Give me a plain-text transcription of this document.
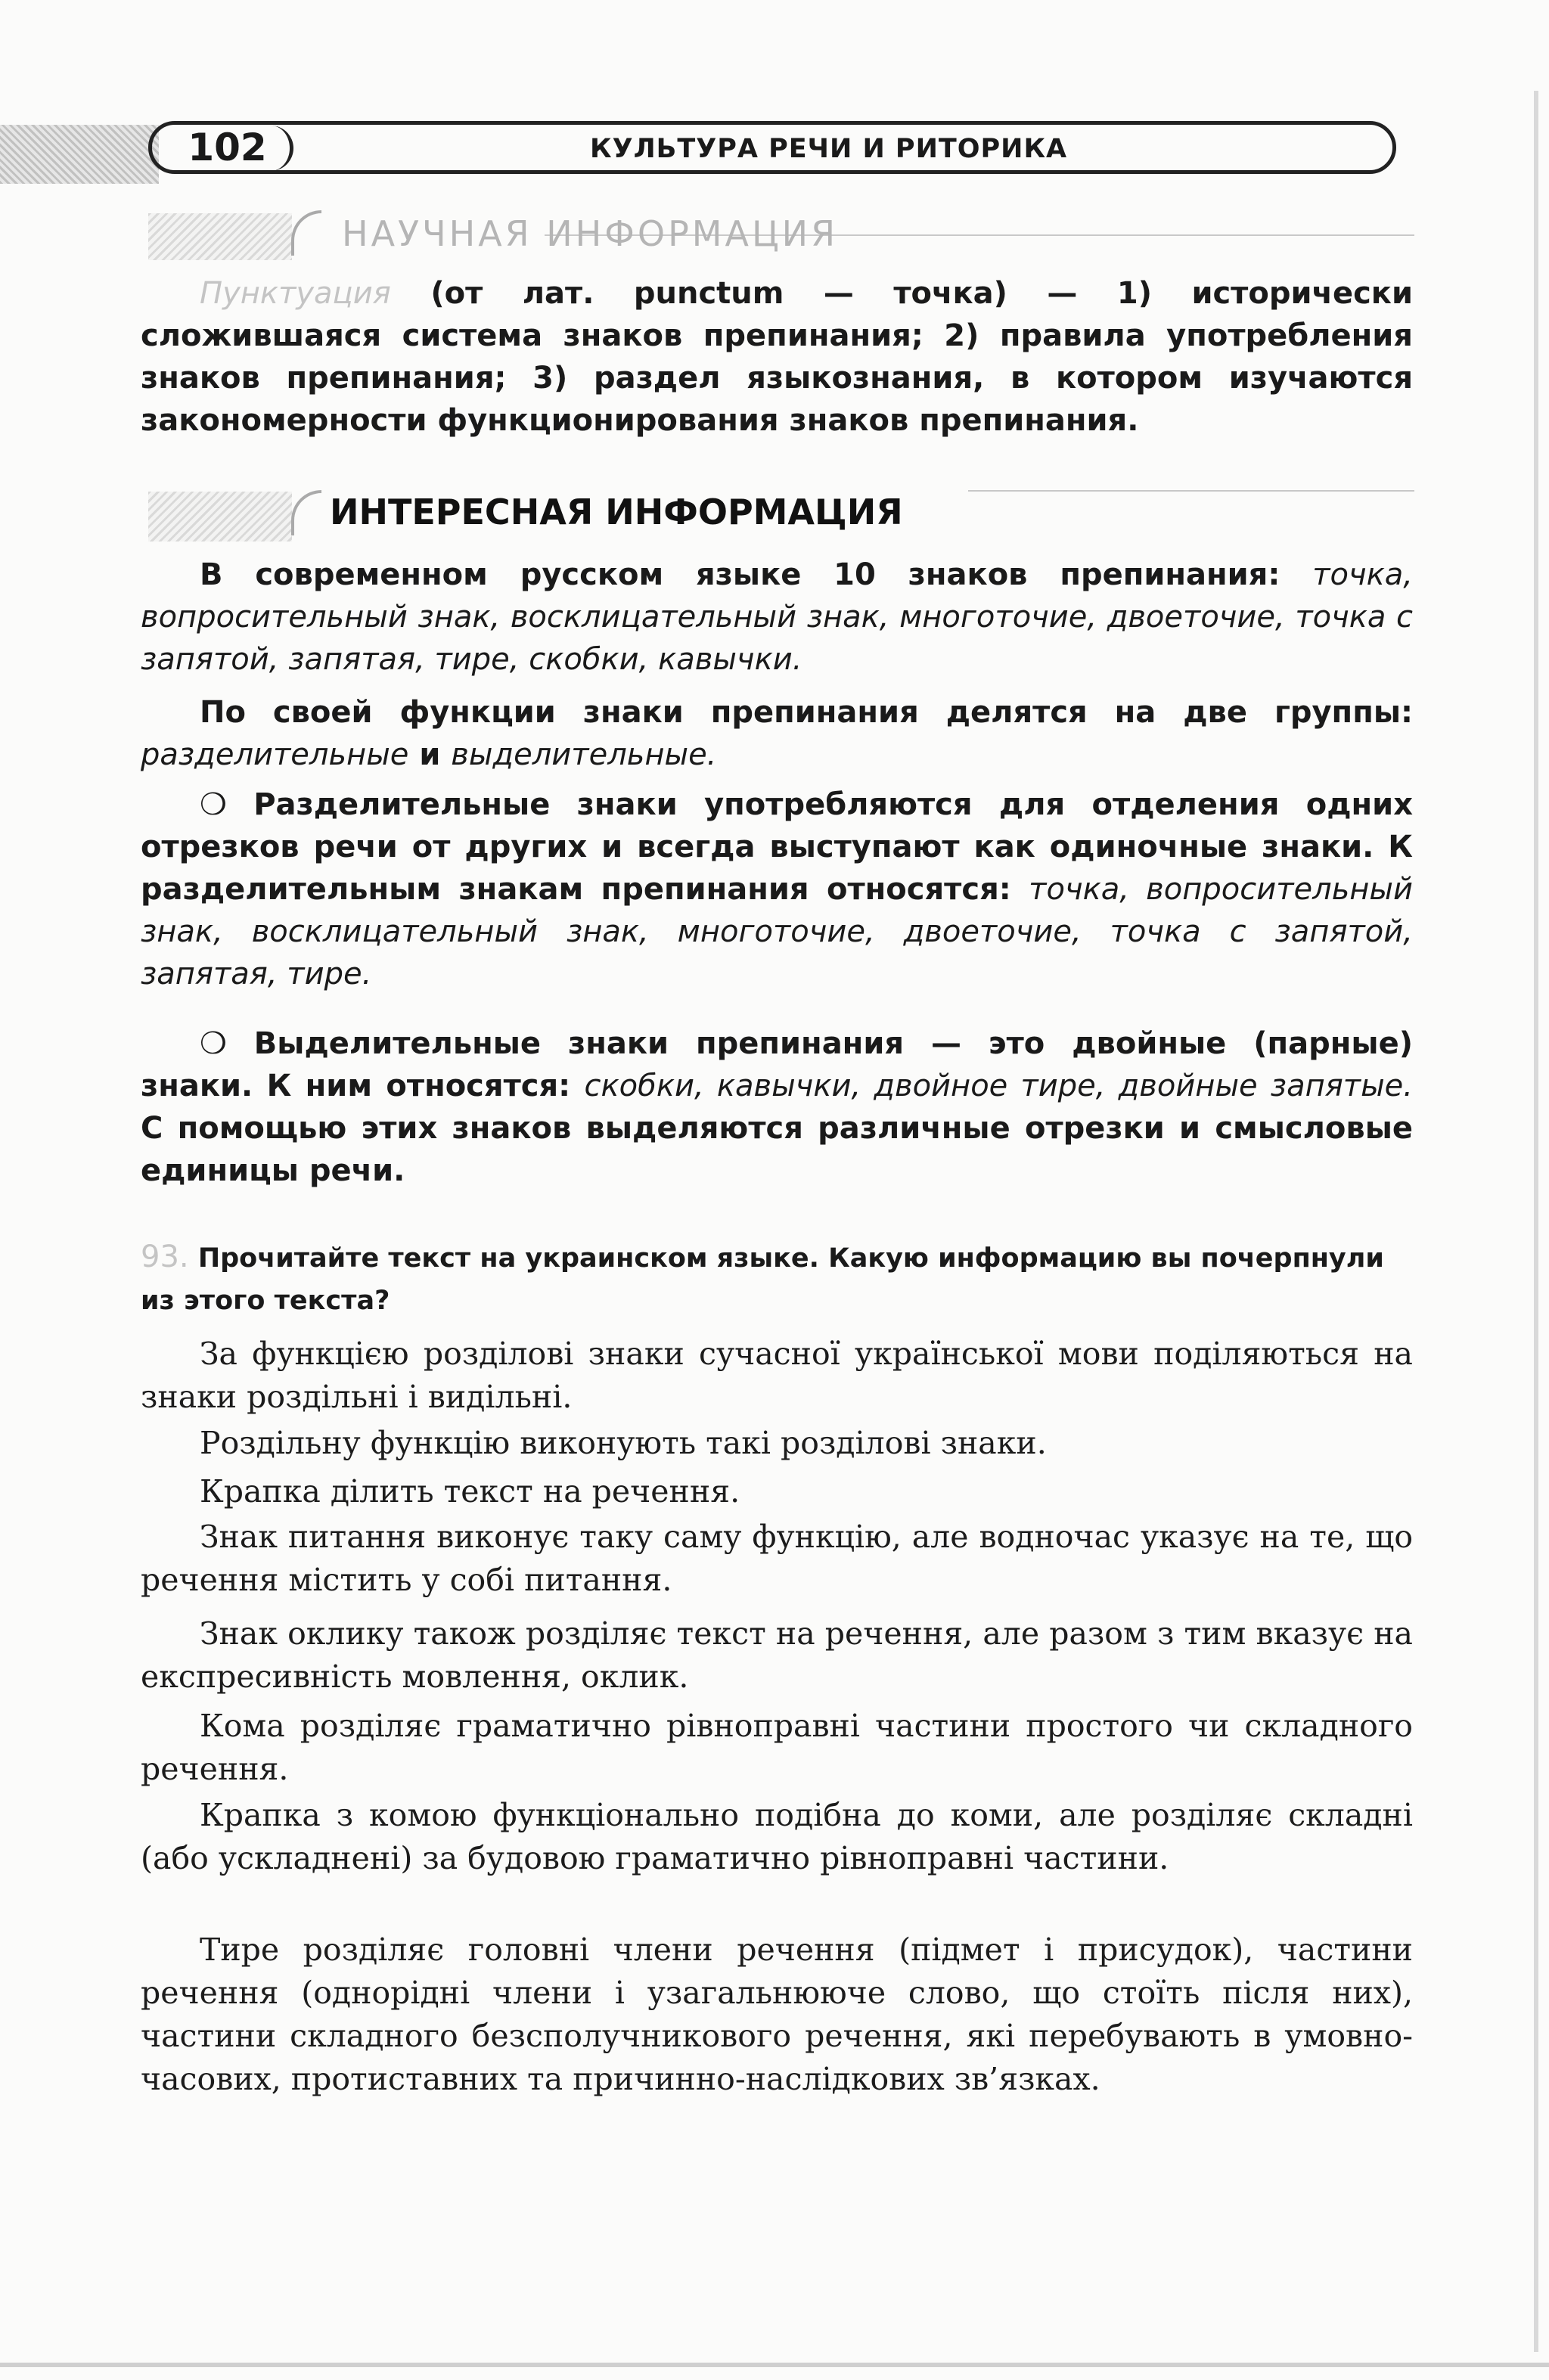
102	КУЛЬТУРА РЕЧИ И РИТОРИКА
НАУЧНАЯ ИНФОРМАЦИЯ

Пунктуация (от лат. punctum — точка) — 1) исторически сложившаяся система знаков препинания; 2) правила употребления знаков препинания; 3) раздел языкознания, в котором изучаются закономерности функционирования знаков препинания.

ИНТЕРЕСНАЯ ИНФОРМАЦИЯ

В современном русском языке 10 знаков препинания: точка, вопросительный знак, восклицательный знак, многоточие, двоеточие, точка с запятой, запятая, тире, скобки, кавычки.

По своей функции знаки препинания делятся на две группы: разделительные и выделительные.

❍ Разделительные знаки употребляются для отделения одних отрезков речи от других и всегда выступают как одиночные знаки. К разделительным знакам препинания относятся: точка, вопросительный знак, восклицательный знак, многоточие, двоеточие, точка с запятой, запятая, тире.

❍ Выделительные знаки препинания — это двойные (парные) знаки. К ним относятся: скобки, кавычки, двойное тире, двойные запятые. С помощью этих знаков выделяются различные отрезки и смысловые единицы речи.

93. Прочитайте текст на украинском языке. Какую информацию вы почерпнули из этого текста?

За функцією розділові знаки сучасної української мови поділяються на знаки роздільні і видільні.

Роздільну функцію виконують такі розділові знаки.

Крапка ділить текст на речення.

Знак питання виконує таку саму функцію, але водночас указує на те, що речення містить у собі питання.

Знак оклику також розділяє текст на речення, але разом з тим вказує на експресивність мовлення, оклик.

Кома розділяє граматично рівноправні частини простого чи складного речення.

Крапка з комою функціонально подібна до коми, але розділяє складні (або ускладнені) за будовою граматично рівноправні частини.

Тире розділяє головні члени речення (підмет і присудок), частини речення (однорідні члени і узагальнююче слово, що стоїть після них), частини складного безсполучникового речення, які перебувають в умовно-часових, протиставних та причинно-наслідкових зв’язках.
